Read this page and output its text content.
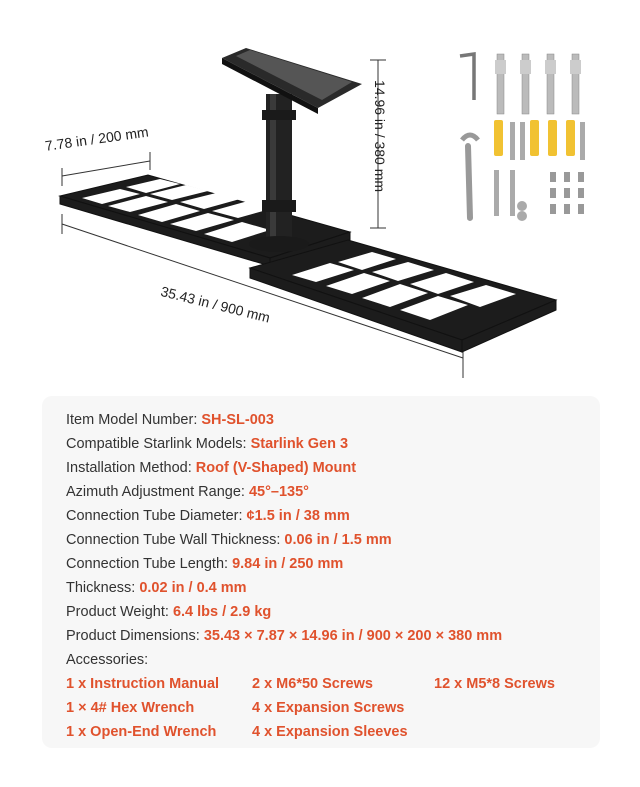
7.78 in / 200 mm
35.43 in / 900 mm
14.96 in / 380 mm
Item Model Number: SH-SL-003
Compatible Starlink Models: Starlink Gen 3
Installation Method: Roof (V-Shaped) Mount
Azimuth Adjustment Range: 45°–135°
Connection Tube Diameter: ¢1.5 in / 38 mm
Connection Tube Wall Thickness: 0.06 in / 1.5 mm
Connection Tube Length: 9.84 in / 250 mm
Thickness: 0.02 in / 0.4 mm
Product Weight: 6.4 lbs / 2.9 kg
Product Dimensions: 35.43 × 7.87 × 14.96 in / 900 × 200 × 380 mm
Accessories:
1 x Instruction Manual 2 x M6*50 Screws	12 x M5*8 Screws
1 × 4# Hex Wrench	4 x Expansion Screws
1 x Open-End Wrench 4 x Expansion Sleeves
